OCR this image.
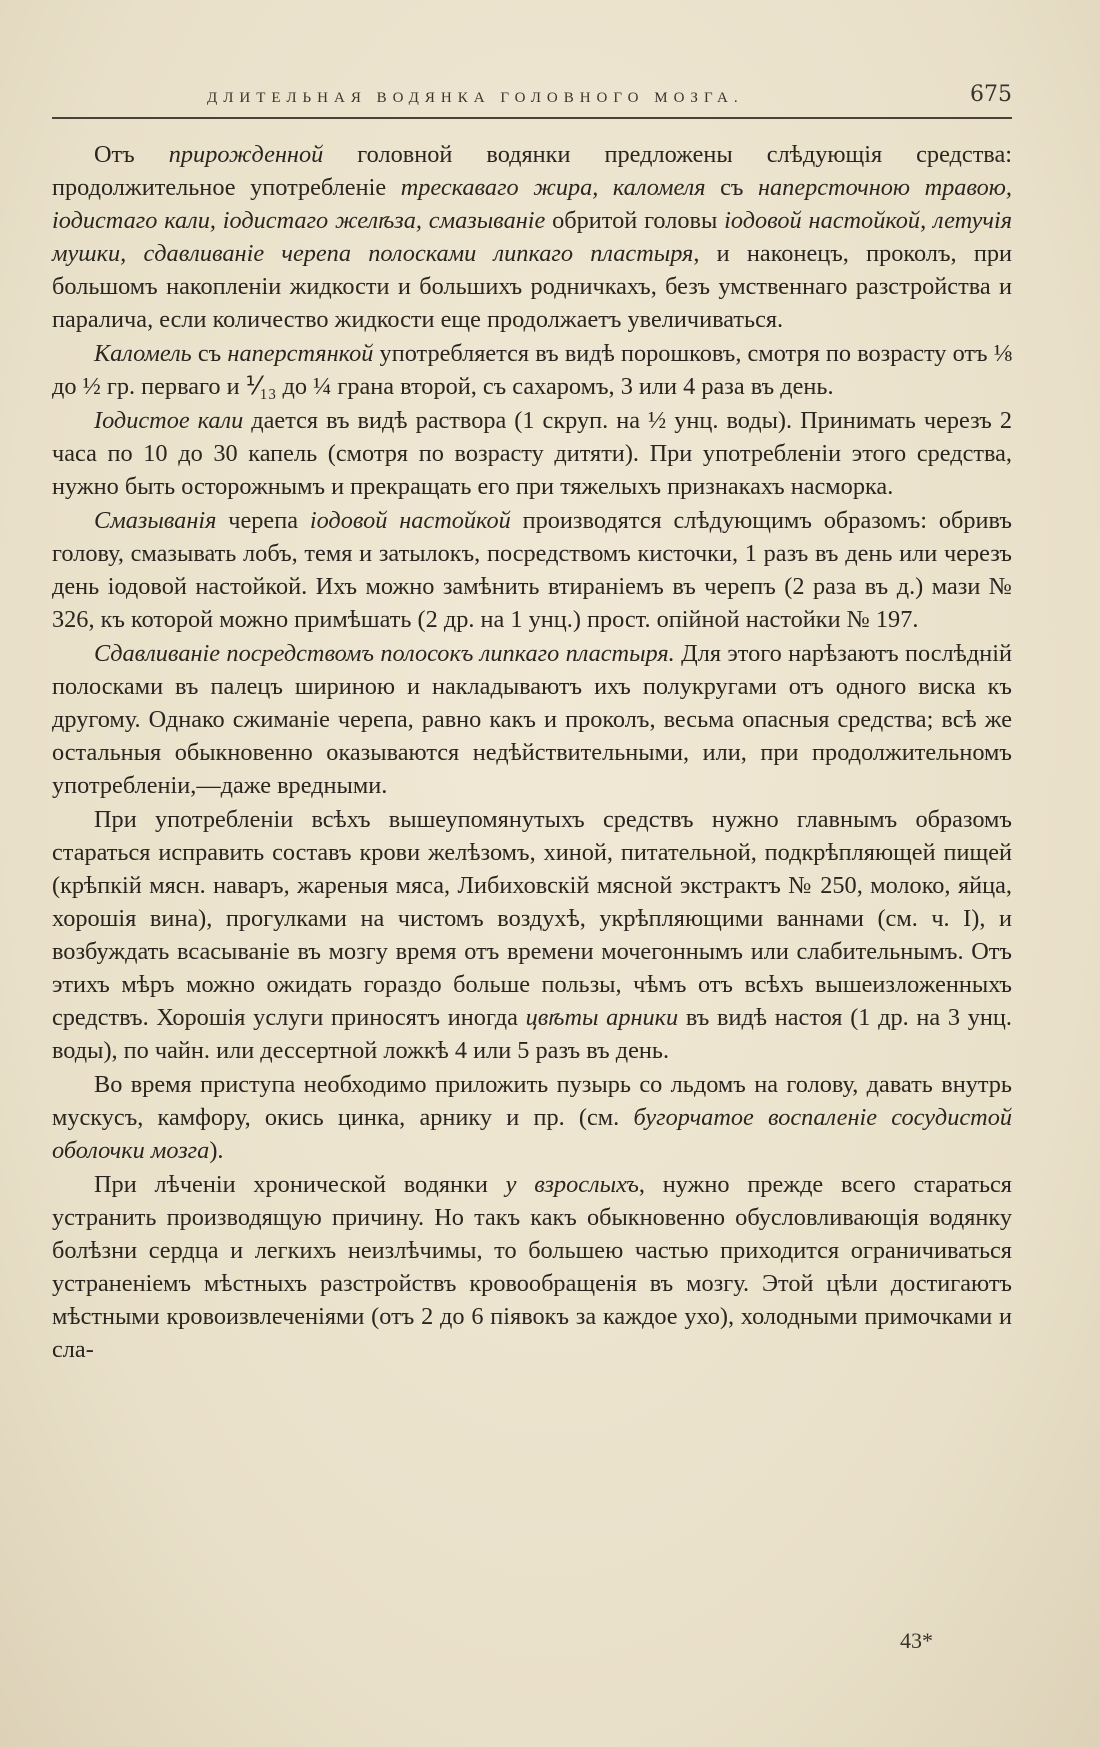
ДЛИТЕЛЬНАЯ ВОДЯНКА ГОЛОВНОГО МОЗГА.	675

Отъ прирожденной головной водянки предложены слѣдующія средства: продолжительное употребленіе трескаваго жира, каломеля съ наперсточною травою, іодистаго кали, іодистаго желѣза, смазываніе обритой головы іодовой настойкой, летучія мушки, сдавливаніе черепа полосками липкаго пластыря, и наконецъ, проколъ, при большомъ накопленіи жидкости и большихъ родничкахъ, безъ умственнаго разстройства и паралича, если количество жидкости еще продолжаетъ увеличиваться.

Каломель съ наперстянкой употребляется въ видѣ порошковъ, смотря по возрасту отъ ⅛ до ½ гр. перваго и ⅟₁₃ до ¼ грана второй, съ сахаромъ, 3 или 4 раза въ день.

Іодистое кали дается въ видѣ раствора (1 скруп. на ½ унц. воды). Принимать черезъ 2 часа по 10 до 30 капель (смотря по возрасту дитяти). При употребленіи этого средства, нужно быть осторожнымъ и прекращать его при тяжелыхъ признакахъ насморка.

Смазыванія черепа іодовой настойкой производятся слѣдующимъ образомъ: обривъ голову, смазывать лобъ, темя и затылокъ, посредствомъ кисточки, 1 разъ въ день или черезъ день іодовой настойкой. Ихъ можно замѣнить втираніемъ въ черепъ (2 раза въ д.) мази № 326, къ которой можно примѣшать (2 др. на 1 унц.) прост. опійной настойки № 197.

Сдавливаніе посредствомъ полосокъ липкаго пластыря. Для этого нарѣзаютъ послѣдній полосками въ палецъ шириною и накладываютъ ихъ полукругами отъ одного виска къ другому. Однако сжиманіе черепа, равно какъ и проколъ, весьма опасныя средства; всѣ же остальныя обыкновенно оказываются недѣйствительными, или, при продолжительномъ употребленіи,—даже вредными.

При употребленіи всѣхъ вышеупомянутыхъ средствъ нужно главнымъ образомъ стараться исправить составъ крови желѣзомъ, хиной, питательной, подкрѣпляющей пищей (крѣпкій мясн. наваръ, жареныя мяса, Либиховскій мясной экстрактъ № 250, молоко, яйца, хорошія вина), прогулками на чистомъ воздухѣ, укрѣпляющими ваннами (см. ч. I), и возбуждать всасываніе въ мозгу время отъ времени мочегоннымъ или слабительнымъ. Отъ этихъ мѣръ можно ожидать гораздо больше пользы, чѣмъ отъ всѣхъ вышеизложенныхъ средствъ. Хорошія услуги приносятъ иногда цвѣты арники въ видѣ настоя (1 др. на 3 унц. воды), по чайн. или дессертной ложкѣ 4 или 5 разъ въ день.

Во время приступа необходимо приложить пузырь со льдомъ на голову, давать внутрь мускусъ, камфору, окись цинка, арнику и пр. (см. бугорчатое воспаленіе сосудистой оболочки мозга).

При лѣченіи хронической водянки у взрослыхъ, нужно прежде всего стараться устранить производящую причину. Но такъ какъ обыкновенно обусловливающія водянку болѣзни сердца и легкихъ неизлѣчимы, то большею частью приходится ограничиваться устраненіемъ мѣстныхъ разстройствъ кровообращенія въ мозгу. Этой цѣли достигаютъ мѣстными кровоизвлеченіями (отъ 2 до 6 піявокъ за каждое ухо), холодными примочками и сла-

43*
